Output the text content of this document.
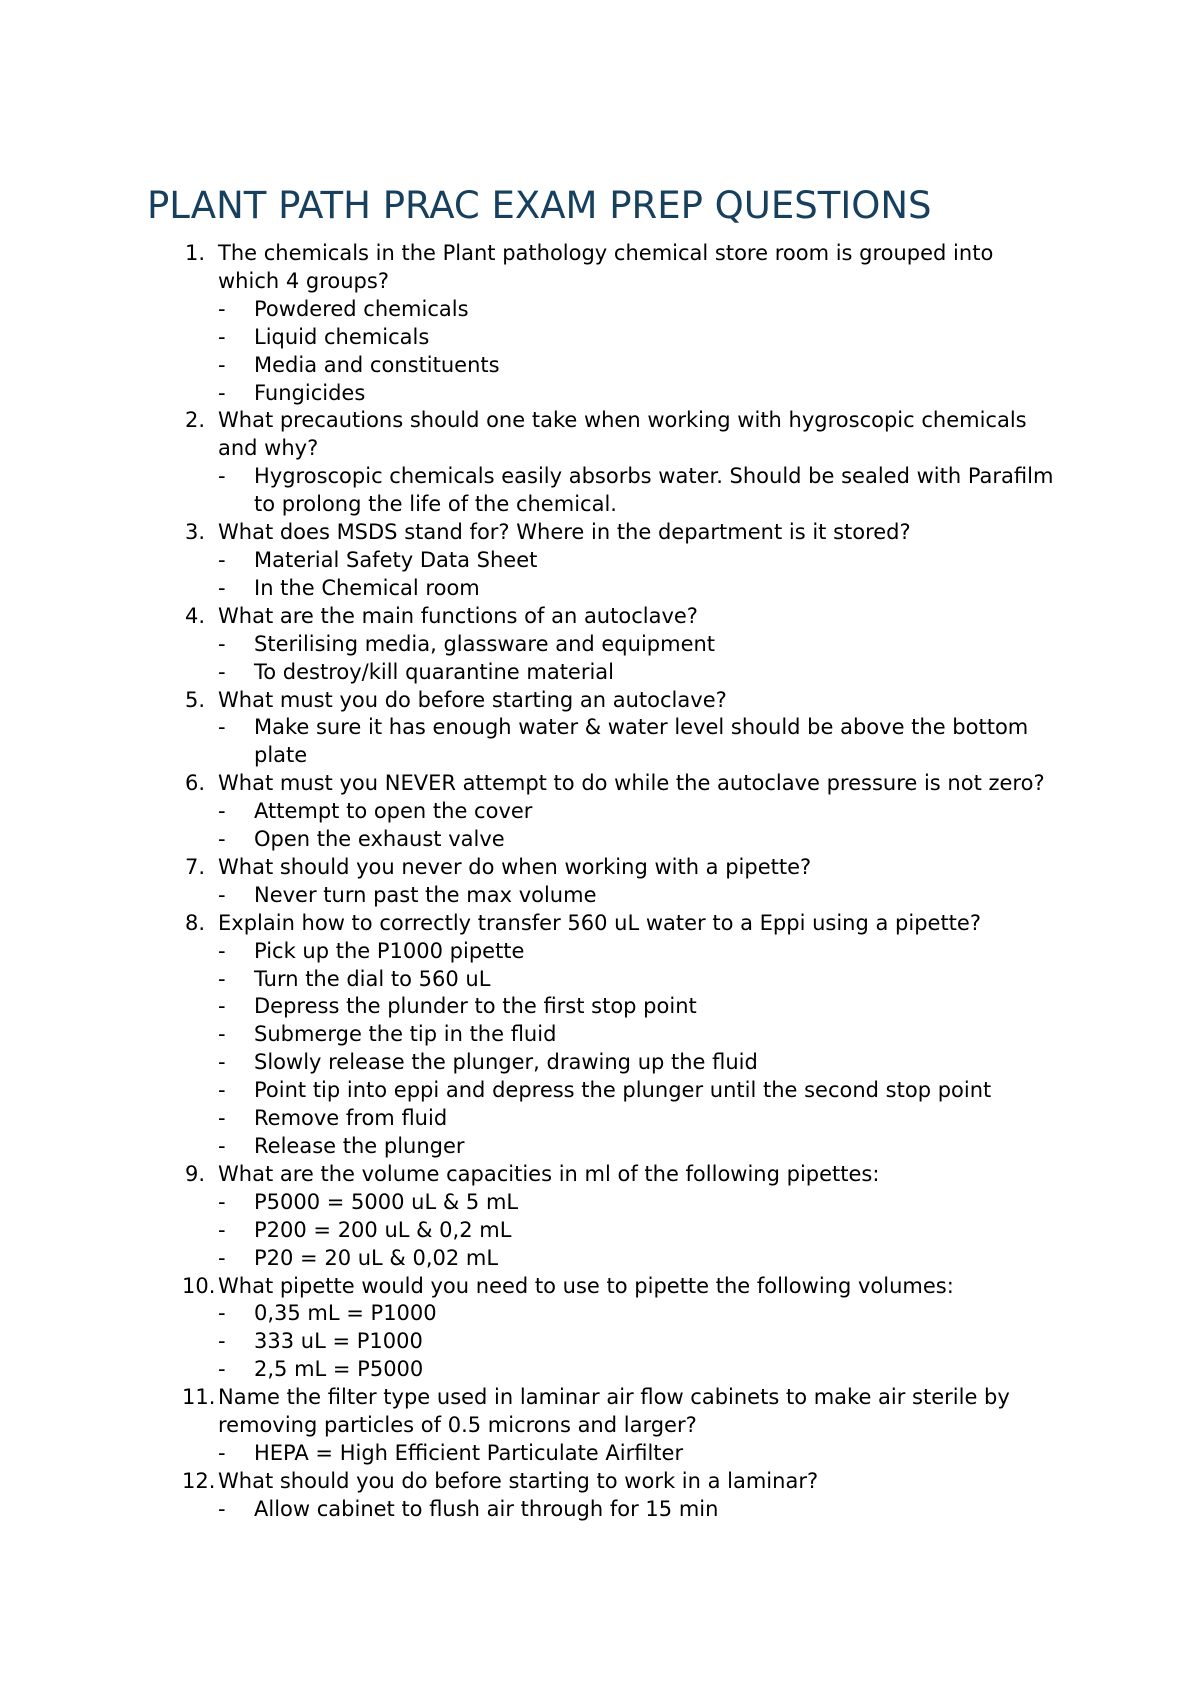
PLANT PATH PRAC EXAM PREP QUESTIONS
1. The chemicals in the Plant pathology chemical store room is grouped into which 4 groups?
- Powdered chemicals
- Liquid chemicals
- Media and constituents
- Fungicides
2. What precautions should one take when working with hygroscopic chemicals and why?
- Hygroscopic chemicals easily absorbs water. Should be sealed with Parafilm to prolong the life of the chemical.
3. What does MSDS stand for? Where in the department is it stored?
- Material Safety Data Sheet
- In the Chemical room
4. What are the main functions of an autoclave?
- Sterilising media, glassware and equipment
- To destroy/kill quarantine material
5. What must you do before starting an autoclave?
- Make sure it has enough water & water level should be above the bottom plate
6. What must you NEVER attempt to do while the autoclave pressure is not zero?
- Attempt to open the cover
- Open the exhaust valve
7. What should you never do when working with a pipette?
- Never turn past the max volume
8. Explain how to correctly transfer 560 uL water to a Eppi using a pipette?
- Pick up the P1000 pipette
- Turn the dial to 560 uL
- Depress the plunder to the first stop point
- Submerge the tip in the fluid
- Slowly release the plunger, drawing up the fluid
- Point tip into eppi and depress the plunger until the second stop point
- Remove from fluid
- Release the plunger
9. What are the volume capacities in ml of the following pipettes:
- P5000 = 5000 uL & 5 mL
- P200 = 200 uL & 0,2 mL
- P20 = 20 uL & 0,02 mL
10. What pipette would you need to use to pipette the following volumes:
- 0,35 mL = P1000
- 333 uL = P1000
- 2,5 mL = P5000
11. Name the filter type used in laminar air flow cabinets to make air sterile by removing particles of 0.5 microns and larger?
- HEPA = High Efficient Particulate Airfilter
12. What should you do before starting to work in a laminar?
- Allow cabinet to flush air through for 15 min
